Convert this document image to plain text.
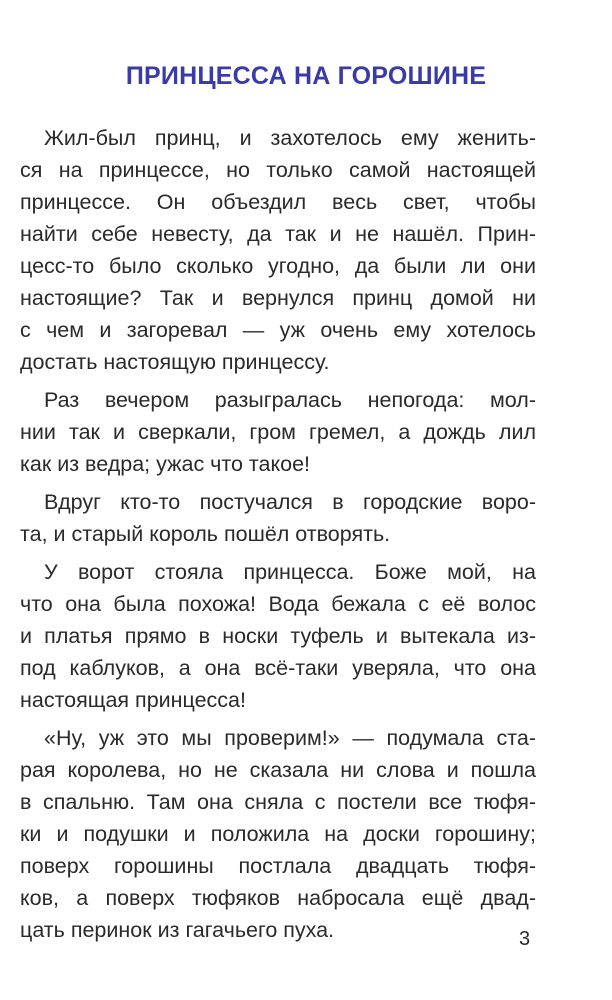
ПРИНЦЕССА НА ГОРОШИНЕ
Жил-был принц, и захотелось ему женить-
ся на принцессе, но только самой настоящей
принцессе. Он объездил весь свет, чтобы
найти себе невесту, да так и не нашёл. Прин-
цесс-то было сколько угодно, да были ли они
настоящие? Так и вернулся принц домой ни
с чем и загоревал — уж очень ему хотелось
достать настоящую принцессу.
Раз вечером разыгралась непогода: мол-
нии так и сверкали, гром гремел, а дождь лил
как из ведра; ужас что такое!
Вдруг кто-то постучался в городские воро-
та, и старый король пошёл отворять.
У ворот стояла принцесса. Боже мой, на
что она была похожа! Вода бежала с её волос
и платья прямо в носки туфель и вытекала из-
под каблуков, а она всё-таки уверяла, что она
настоящая принцесса!
«Ну, уж это мы проверим!» — подумала ста-
рая королева, но не сказала ни слова и пошла
в спальню. Там она сняла с постели все тюфя-
ки и подушки и положила на доски горошину;
поверх горошины постлала двадцать тюфя-
ков, а поверх тюфяков набросала ещё двад-
цать перинок из гагачьего пуха.	3
